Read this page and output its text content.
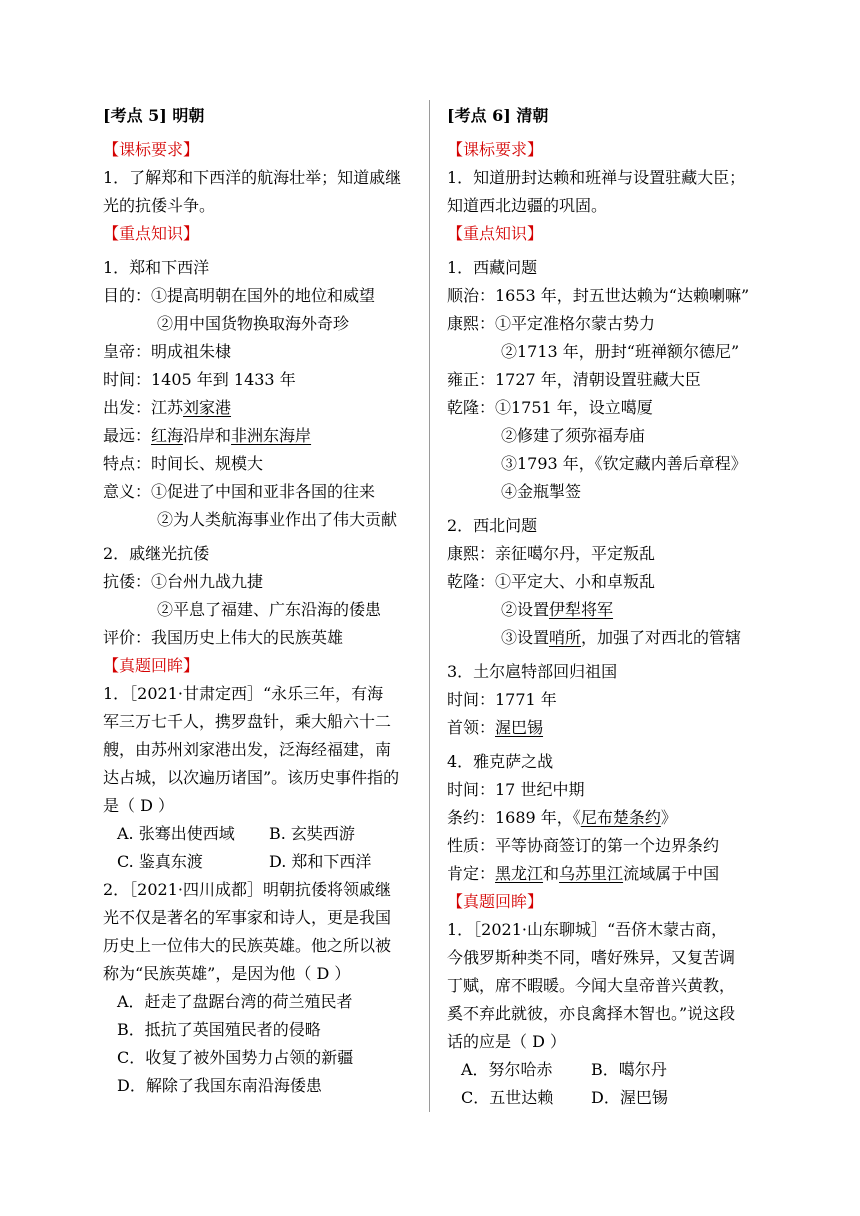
[考点 5] 明朝
【课标要求】
1．了解郑和下西洋的航海壮举；知道戚继
光的抗倭斗争。
【重点知识】
1．郑和下西洋
目的：①提高明朝在国外的地位和威望
②用中国货物换取海外奇珍
皇帝：明成祖朱棣
时间：1405 年到 1433 年
出发：江苏刘家港
最远：红海沿岸和非洲东海岸
特点：时间长、规模大
意义：①促进了中国和亚非各国的往来
②为人类航海事业作出了伟大贡献
2．戚继光抗倭
抗倭：①台州九战九捷
②平息了福建、广东沿海的倭患
评价：我国历史上伟大的民族英雄
【真题回眸】
1．［2021·甘肃定西］“永乐三年，有海
军三万七千人，携罗盘针，乘大船六十二
艘，由苏州刘家港出发，泛海经福建，南
达占城，以次遍历诸国”。该历史事件指的
是（ D ）
A. 张骞出使西域 B. 玄奘西游
C. 鉴真东渡	D. 郑和下西洋
2．［2021·四川成都］明朝抗倭将领戚继
光不仅是著名的军事家和诗人，更是我国
历史上一位伟大的民族英雄。他之所以被
称为“民族英雄”，是因为他（ D ）
A．赶走了盘踞台湾的荷兰殖民者
B．抵抗了英国殖民者的侵略
C．收复了被外国势力占领的新疆
D．解除了我国东南沿海倭患
[考点 6] 清朝
【课标要求】
1．知道册封达赖和班禅与设置驻藏大臣；
知道西北边疆的巩固。
【重点知识】
1．西藏问题
顺治：1653 年，封五世达赖为“达赖喇嘛”
康熙：①平定准格尔蒙古势力
②1713 年，册封“班禅额尔德尼”
雍正：1727 年，清朝设置驻藏大臣
乾隆：①1751 年，设立噶厦
②修建了须弥福寿庙
③1793 年，《钦定藏内善后章程》
④金瓶掣签
2．西北问题
康熙：亲征噶尔丹，平定叛乱
乾隆：①平定大、小和卓叛乱
②设置伊犁将军
③设置哨所，加强了对西北的管辖
3．土尔扈特部回归祖国
时间：1771 年
首领：渥巴锡
4．雅克萨之战
时间：17 世纪中期
条约：1689 年，《尼布楚条约》
性质：平等协商签订的第一个边界条约
肯定：黑龙江和乌苏里江流域属于中国
【真题回眸】
1．［2021·山东聊城］“吾侪木蒙古商，
今俄罗斯种类不同，嗜好殊异，又复苦调
丁赋，席不暇暖。今闻大皇帝普兴黄教，
奚不弃此就彼，亦良禽择木智也。”说这段
话的应是（ D ）
A．努尔哈赤 B．噶尔丹
C．五世达赖 D．渥巴锡
